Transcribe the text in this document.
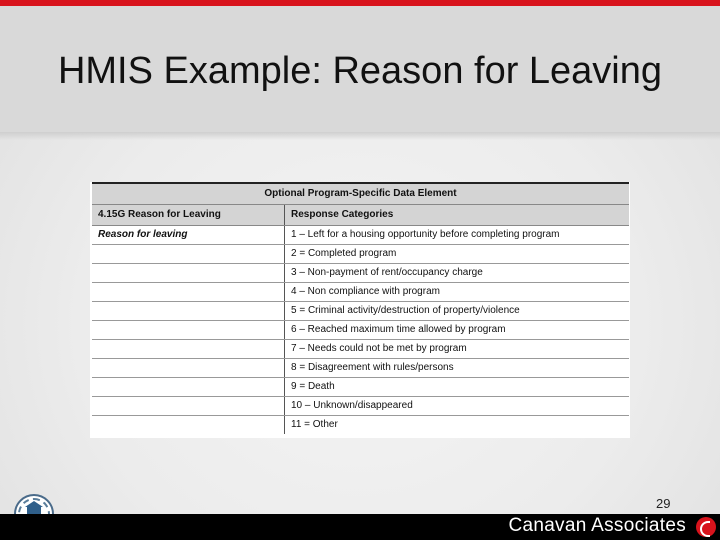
HMIS Example: Reason for Leaving
Optional Program-Specific Data Element	
4.15G Reason for Leaving	Response Categories
Reason for leaving	1 – Left for a housing opportunity before completing program
	2 = Completed program
	3 – Non-payment of rent/occupancy charge
	4 – Non compliance with program
	5 = Criminal activity/destruction of property/violence
	6 – Reached maximum time allowed by program
	7 – Needs could not be met by program
	8 = Disagreement with rules/persons
	9 = Death
	10 – Unknown/disappeared
	11 = Other
29
Canavan Associates
